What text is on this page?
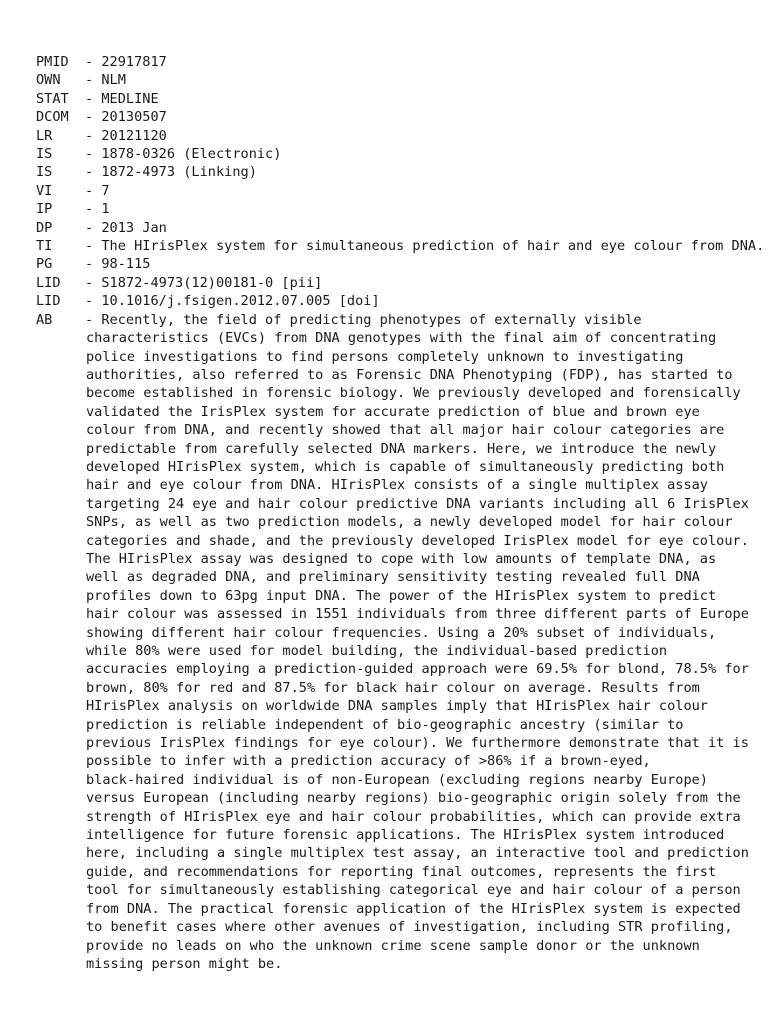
PMID - 22917817
OWN - NLM
STAT - MEDLINE
DCOM - 20130507
LR  - 20121120
IS  - 1878-0326 (Electronic)
IS  - 1872-4973 (Linking)
VI  - 7
IP  - 1
DP  - 2013 Jan
TI  - The HIrisPlex system for simultaneous prediction of hair and eye colour from DNA.
PG  - 98-115
LID - S1872-4973(12)00181-0 [pii]
LID - 10.1016/j.fsigen.2012.07.005 [doi]
AB  - Recently, the field of predicting phenotypes of externally visible
characteristics (EVCs) from DNA genotypes with the final aim of concentrating
police investigations to find persons completely unknown to investigating
authorities, also referred to as Forensic DNA Phenotyping (FDP), has started to
become established in forensic biology. We previously developed and forensically
validated the IrisPlex system for accurate prediction of blue and brown eye
colour from DNA, and recently showed that all major hair colour categories are
predictable from carefully selected DNA markers. Here, we introduce the newly
developed HIrisPlex system, which is capable of simultaneously predicting both
hair and eye colour from DNA. HIrisPlex consists of a single multiplex assay
targeting 24 eye and hair colour predictive DNA variants including all 6 IrisPlex
SNPs, as well as two prediction models, a newly developed model for hair colour
categories and shade, and the previously developed IrisPlex model for eye colour.
The HIrisPlex assay was designed to cope with low amounts of template DNA, as
well as degraded DNA, and preliminary sensitivity testing revealed full DNA
profiles down to 63pg input DNA. The power of the HIrisPlex system to predict
hair colour was assessed in 1551 individuals from three different parts of Europe
showing different hair colour frequencies. Using a 20% subset of individuals,
while 80% were used for model building, the individual-based prediction
accuracies employing a prediction-guided approach were 69.5% for blond, 78.5% for
brown, 80% for red and 87.5% for black hair colour on average. Results from
HIrisPlex analysis on worldwide DNA samples imply that HIrisPlex hair colour
prediction is reliable independent of bio-geographic ancestry (similar to
previous IrisPlex findings for eye colour). We furthermore demonstrate that it is
possible to infer with a prediction accuracy of >86% if a brown-eyed,
black-haired individual is of non-European (excluding regions nearby Europe)
versus European (including nearby regions) bio-geographic origin solely from the
strength of HIrisPlex eye and hair colour probabilities, which can provide extra
intelligence for future forensic applications. The HIrisPlex system introduced
here, including a single multiplex test assay, an interactive tool and prediction
guide, and recommendations for reporting final outcomes, represents the first
tool for simultaneously establishing categorical eye and hair colour of a person
from DNA. The practical forensic application of the HIrisPlex system is expected
to benefit cases where other avenues of investigation, including STR profiling,
provide no leads on who the unknown crime scene sample donor or the unknown
missing person might be.
